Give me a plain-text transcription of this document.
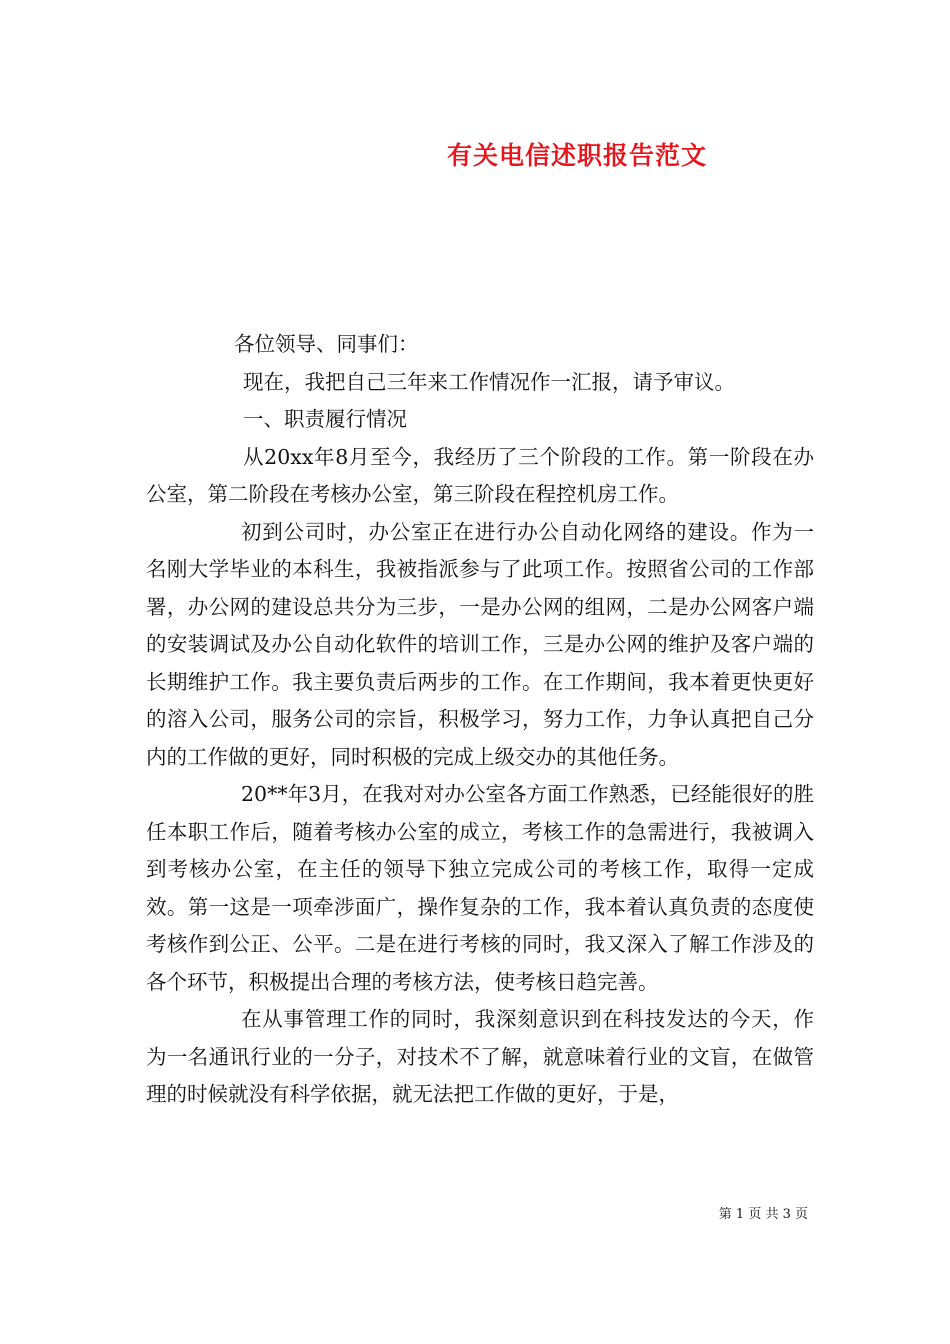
有关电信述职报告范文

各位领导、同事们：

现在，我把自己三年来工作情况作一汇报，请予审议。

一、职责履行情况

从20xx年8月至今，我经历了三个阶段的工作。第一阶段在办公室，第二阶段在考核办公室，第三阶段在程控机房工作。

初到公司时，办公室正在进行办公自动化网络的建设。作为一名刚大学毕业的本科生，我被指派参与了此项工作。按照省公司的工作部署，办公网的建设总共分为三步，一是办公网的组网，二是办公网客户端的安装调试及办公自动化软件的培训工作，三是办公网的维护及客户端的长期维护工作。我主要负责后两步的工作。在工作期间，我本着更快更好的溶入公司，服务公司的宗旨，积极学习，努力工作，力争认真把自己分内的工作做的更好，同时积极的完成上级交办的其他任务。

20**年3月，在我对对办公室各方面工作熟悉，已经能很好的胜任本职工作后，随着考核办公室的成立，考核工作的急需进行，我被调入到考核办公室，在主任的领导下独立完成公司的考核工作，取得一定成效。第一这是一项牵涉面广，操作复杂的工作，我本着认真负责的态度使考核作到公正、公平。二是在进行考核的同时，我又深入了解工作涉及的各个环节，积极提出合理的考核方法，使考核日趋完善。

在从事管理工作的同时，我深刻意识到在科技发达的今天，作为一名通讯行业的一分子，对技术不了解，就意味着行业的文盲，在做管理的时候就没有科学依据，就无法把工作做的更好，于是，

第 1 页 共 3 页
